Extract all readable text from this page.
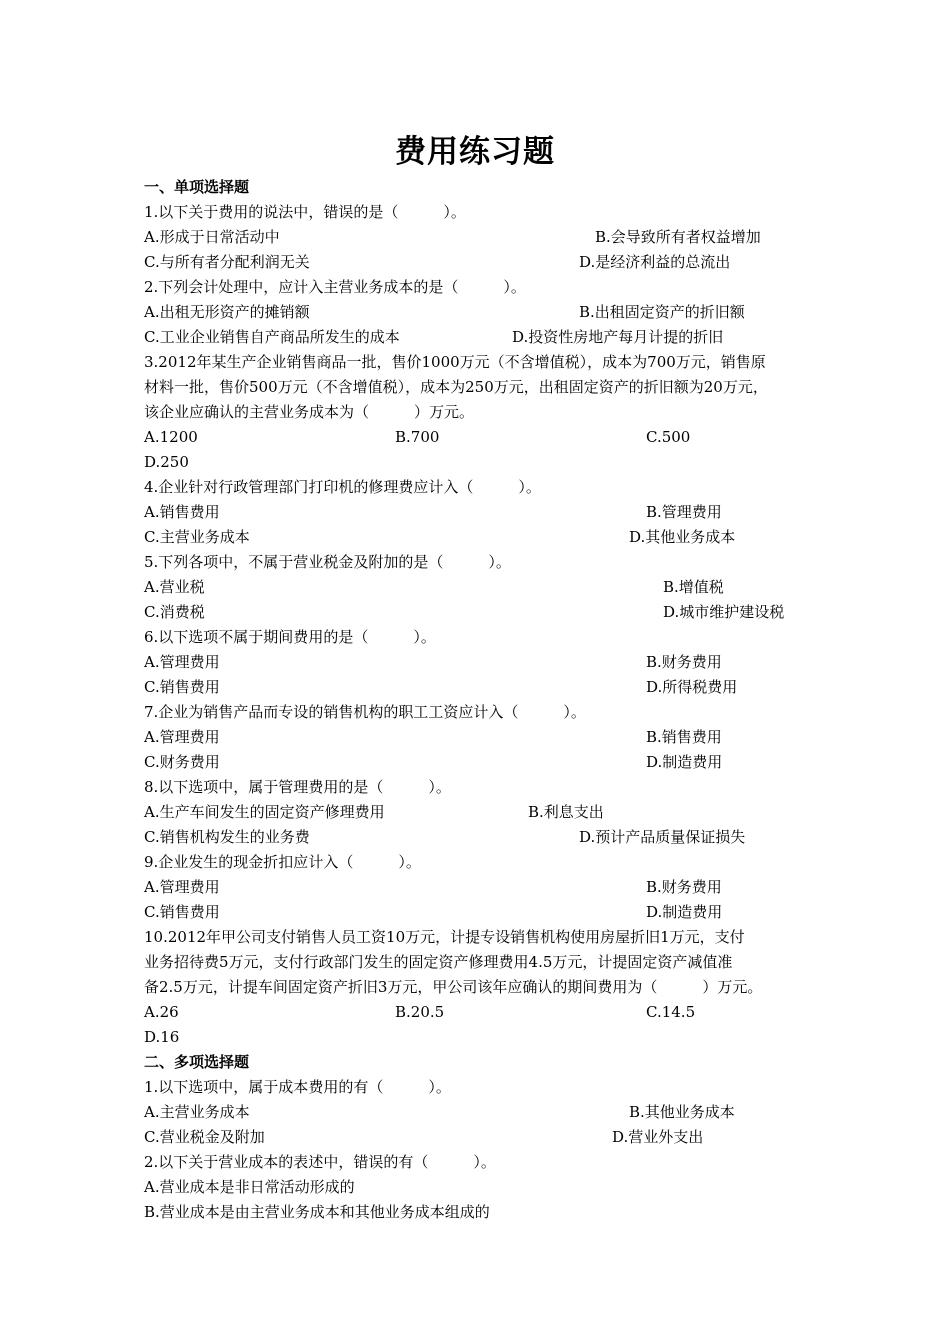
费用练习题
一、单项选择题
1.以下关于费用的说法中，错误的是（　　　）。
A.形成于日常活动中	B.会导致所有者权益增加
C.与所有者分配利润无关	D.是经济利益的总流出
2.下列会计处理中，应计入主营业务成本的是（　　　）。
A.出租无形资产的摊销额	B.出租固定资产的折旧额
C.工业企业销售自产商品所发生的成本	D.投资性房地产每月计提的折旧
3.2012年某生产企业销售商品一批，售价1000万元（不含增值税），成本为700万元，销售原
材料一批，售价500万元（不含增值税），成本为250万元，出租固定资产的折旧额为20万元，
该企业应确认的主营业务成本为（　　　）万元。
A.1200	B.700	C.500
D.250
4.企业针对行政管理部门打印机的修理费应计入（　　　）。
A.销售费用	B.管理费用
C.主营业务成本	D.其他业务成本
5.下列各项中，不属于营业税金及附加的是（　　　）。
A.营业税	B.增值税
C.消费税	D.城市维护建设税
6.以下选项不属于期间费用的是（　　　）。
A.管理费用	B.财务费用
C.销售费用	D.所得税费用
7.企业为销售产品而专设的销售机构的职工工资应计入（　　　）。
A.管理费用	B.销售费用
C.财务费用	D.制造费用
8.以下选项中，属于管理费用的是（　　　）。
A.生产车间发生的固定资产修理费用	B.利息支出
C.销售机构发生的业务费	D.预计产品质量保证损失
9.企业发生的现金折扣应计入（　　　）。
A.管理费用	B.财务费用
C.销售费用	D.制造费用
10.2012年甲公司支付销售人员工资10万元，计提专设销售机构使用房屋折旧1万元，支付
业务招待费5万元，支付行政部门发生的固定资产修理费用4.5万元，计提固定资产减值准
备2.5万元，计提车间固定资产折旧3万元，甲公司该年应确认的期间费用为（　　　）万元。
A.26	B.20.5	C.14.5
D.16
二、多项选择题
1.以下选项中，属于成本费用的有（　　　）。
A.主营业务成本	B.其他业务成本
C.营业税金及附加	D.营业外支出
2.以下关于营业成本的表述中，错误的有（　　　）。
A.营业成本是非日常活动形成的
B.营业成本是由主营业务成本和其他业务成本组成的
